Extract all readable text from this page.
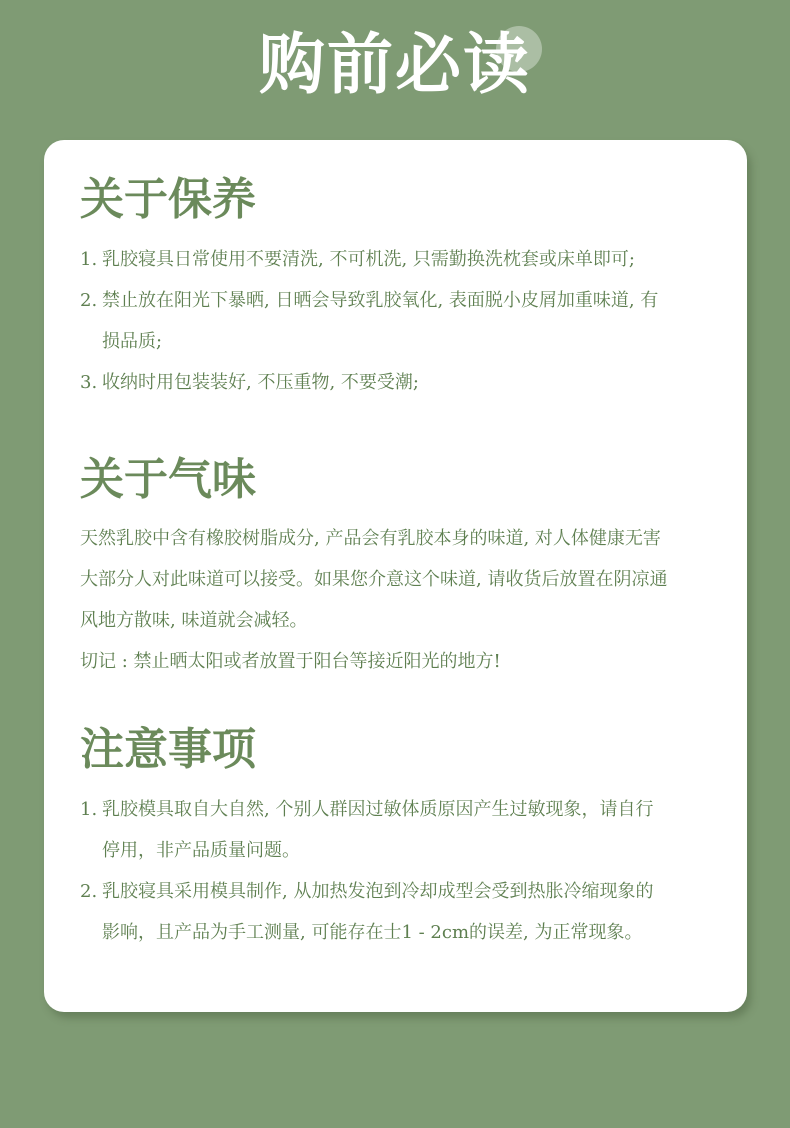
购前必读
关于保养
1. 乳胶寝具日常使用不要清洗, 不可机洗, 只需勤换洗枕套或床单即可;
2. 禁止放在阳光下暴晒, 日晒会导致乳胶氧化, 表面脱小皮屑加重味道, 有
损品质;
3. 收纳时用包装装好, 不压重物, 不要受潮;
关于气味
天然乳胶中含有橡胶树脂成分, 产品会有乳胶本身的味道, 对人体健康无害
大部分人对此味道可以接受。如果您介意这个味道, 请收货后放置在阴凉通
风地方散味, 味道就会减轻。
切记 : 禁止晒太阳或者放置于阳台等接近阳光的地方!
注意事项
1. 乳胶模具取自大自然, 个别人群因过敏体质原因产生过敏现象，请自行
停用，非产品质量问题。
2. 乳胶寝具采用模具制作, 从加热发泡到冷却成型会受到热胀冷缩现象的
影响，且产品为手工测量, 可能存在士1 - 2cm的误差, 为正常现象。
